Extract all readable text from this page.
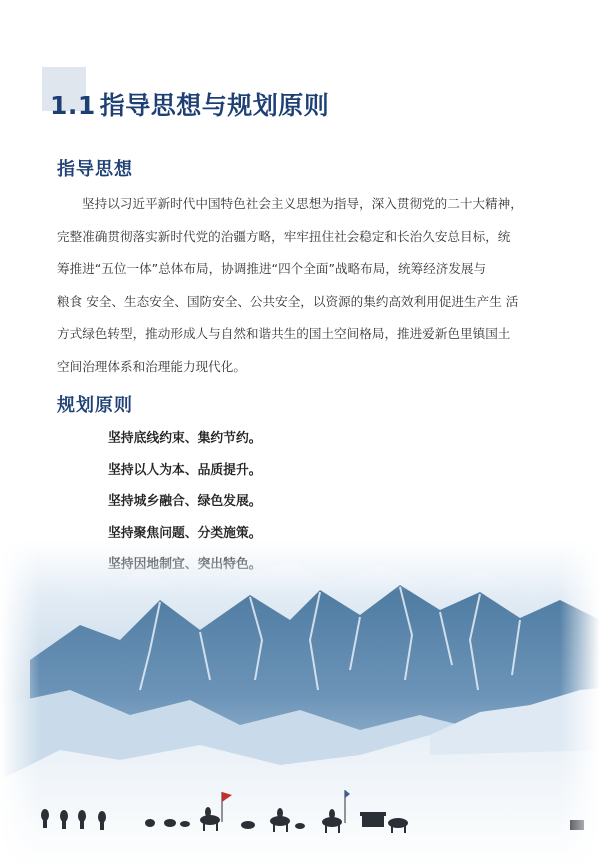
1.1 指导思想与规划原则
指导思想

坚持以习近平新时代中国特色社会主义思想为指导，深入贯彻党的二十大精神，
完整准确贯彻落实新时代党的治疆方略，牢牢扭住社会稳定和长治久安总目标，统
筹推进“五位一体”总体布局，协调推进“四个全面”战略布局，统筹经济发展与
粮食 安全、生态安全、国防安全、公共安全，以资源的集约高效利用促进生产生 活
方式绿色转型，推动形成人与自然和谐共生的国土空间格局，推进爱新色里镇国土
空间治理体系和治理能力现代化。

规划原则
坚持底线约束、集约节约。
坚持以人为本、品质提升。
坚持城乡融合、绿色发展。
坚持聚焦问题、分类施策。
